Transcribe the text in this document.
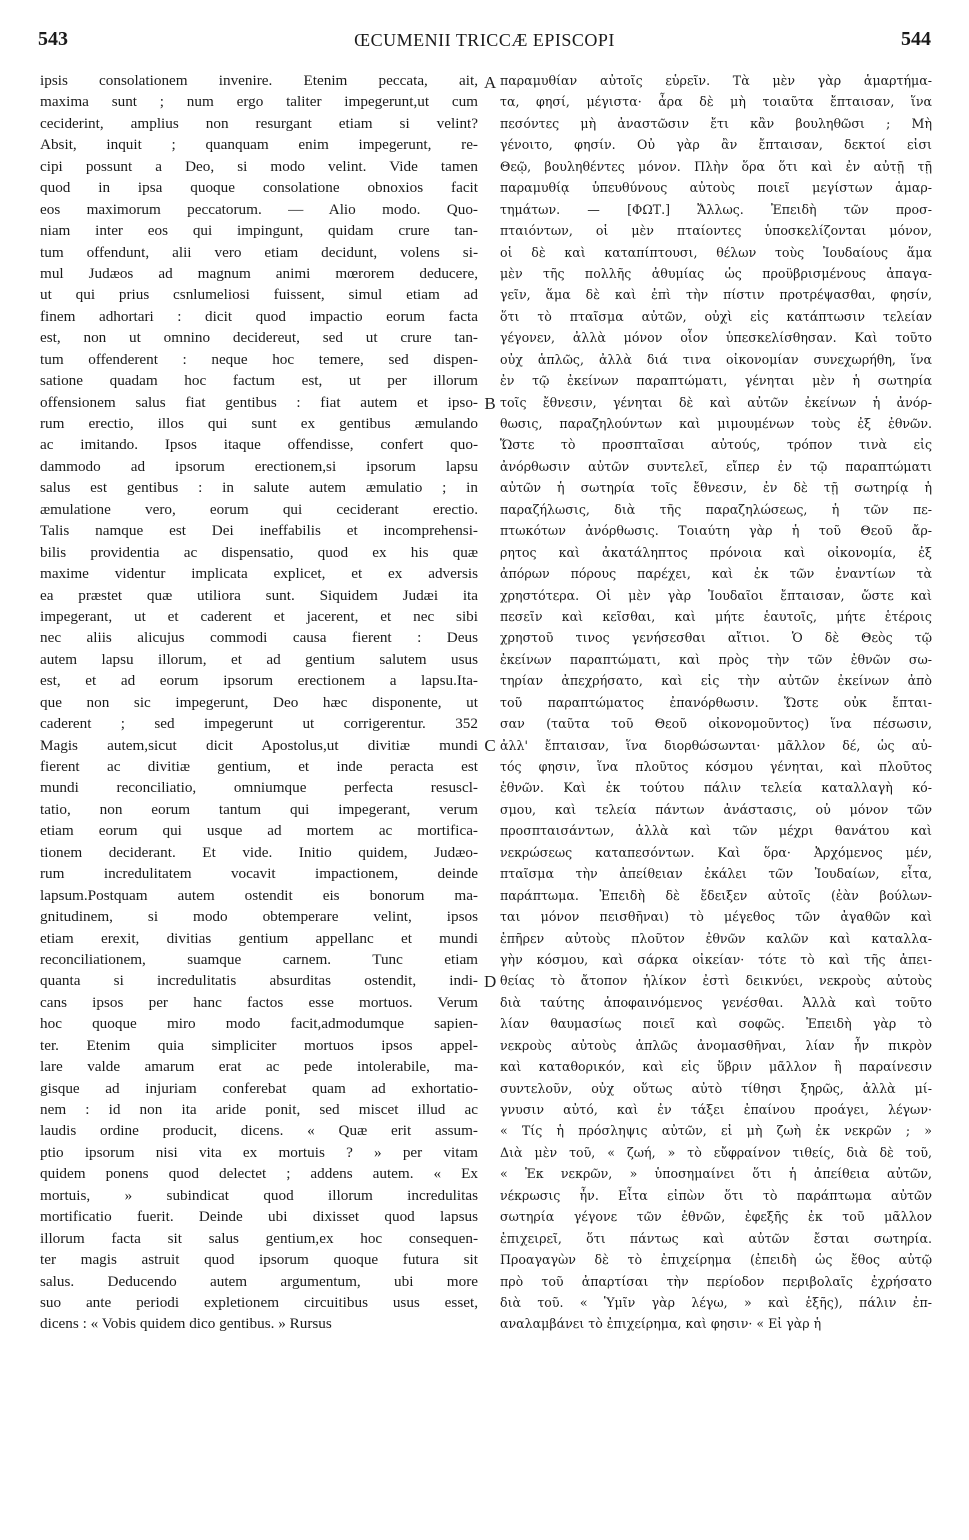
543	ŒCUMENII TRICCÆ EPISCOPI	544
ipsis consolationem invenire. Etenim peccata, ait,
maxima sunt ; num ergo taliter impegerunt,ut cum
ceciderint, amplius non resurgant etiam si velint?
Absit, inquit ; quanquam enim impegerunt, re-
cipi possunt a Deo, si modo velint. Vide tamen
quod in ipsa quoque consolatione obnoxios facit
eos maximorum peccatorum. — Alio modo. Quo-
niam inter eos qui impingunt, quidam crure tan-
tum offendunt, alii vero etiam decidunt, volens si-
mul Judæos ad magnum animi mœrorem deducere,
ut qui prius csnlumeliosi fuissent, simul etiam ad
finem adhortari : dicit quod impactio eorum facta
est, non ut omnino decidereut, sed ut crure tan-
tum offenderent : neque hoc temere, sed dispen-
satione quadam hoc factum est, ut per illorum
offensionem salus fiat gentibus : fiat autem et ipso-
rum erectio, illos qui sunt ex gentibus æmulando
ac imitando. Ipsos itaque offendisse, confert quo-
dammodo ad ipsorum erectionem,si ipsorum lapsu
salus est gentibus : in salute autem æmulatio ; in
æmulatione vero, eorum qui ceciderant erectio.
Talis namque est Dei ineffabilis et incomprehensi-
bilis providentia ac dispensatio, quod ex his quæ
maxime videntur implicata explicet, et ex adversis
ea præstet quæ utiliora sunt. Siquidem Judæi ita
impegerant, ut et caderent et jacerent, et nec sibi
nec aliis alicujus commodi causa fierent : Deus
autem lapsu illorum, et ad gentium salutem usus
est, et ad eorum ipsorum erectionem a lapsu.Ita-
que non sic impegerunt, Deo hæc disponente, ut
caderent ; sed impegerunt ut corrigerentur. 352
Magis autem,sicut dicit Apostolus,ut divitiæ mundi
fierent ac divitiæ gentium, et inde peracta est
mundi reconciliatio, omniumque perfecta resuscl-
tatio, non eorum tantum qui impegerant, verum
etiam eorum qui usque ad mortem ac mortifica-
tionem deciderant. Et vide. Initio quidem, Judæo-
rum incredulitatem vocavit impactionem, deinde
lapsum.Postquam autem ostendit eis bonorum ma-
gnitudinem, si modo obtemperare velint, ipsos
etiam erexit, divitias gentium appellanc et mundi
reconciliationem, suamque carnem. Tunc etiam
quanta si incredulitatis absurditas ostendit, indi-
cans ipsos per hanc factos esse mortuos. Verum
hoc quoque miro modo facit,admodumque sapien-
ter. Etenim quia simpliciter mortuos ipsos appel-
lare valde amarum erat ac pede intolerabile, ma-
gisque ad injuriam conferebat quam ad exhortatio-
nem : id non ita aride ponit, sed miscet illud ac
laudis ordine producit, dicens. « Quæ erit assum-
ptio ipsorum nisi vita ex mortuis ? » per vitam
quidem ponens quod delectet ; addens autem. « Ex
mortuis, » subindicat quod illorum incredulitas
mortificatio fuerit. Deinde ubi dixisset quod lapsus
illorum facta sit salus gentium,ex hoc consequen-
ter magis astruit quod ipsorum quoque futura sit
salus. Deducendo autem argumentum, ubi more
suo ante periodi expletionem circuitibus usus esset,
dicens : « Vobis quidem dico gentibus. » Rursus
παραμυθίαν αὐτοῖς εὑρεῖν. Τὰ μὲν γὰρ ἁμαρτήμα-
τα, φησί, μέγιστα· ἆρα δὲ μὴ τοιαῦτα ἔπταισαν, ἵνα
πεσόντες μὴ ἀναστῶσιν ἔτι κἂν βουληθῶσι ; Μὴ
γένοιτο, φησίν. Οὐ γὰρ ἂν ἔπταισαν, δεκτοί εἰσι
Θεῷ, βουληθέντες μόνον. Πλὴν ὅρα ὅτι καὶ ἐν αὐτῇ τῇ
παραμυθίᾳ ὑπευθύνους αὐτοὺς ποιεῖ μεγίστων ἁμαρ-
τημάτων. — [ΦΩΤ.] Ἄλλως. Ἐπειδὴ τῶν προσ-
πταιόντων, οἱ μὲν πταίοντες ὑποσκελίζονται μόνον,
οἱ δὲ καὶ καταπίπτουσι, θέλων τοὺς Ἰουδαίους ἅμα
μὲν τῆς πολλῆς ἀθυμίας ὡς προϋβρισμένους ἀπαγα-
γεῖν, ἅμα δὲ καὶ ἐπὶ τὴν πίστιν προτρέψασθαι, φησίν,
ὅτι τὸ πταῖσμα αὐτῶν, οὐχὶ εἰς κατάπτωσιν τελείαν
γέγονεν, ἀλλὰ μόνον οἷον ὑπεσκελίσθησαν. Καὶ τοῦτο
οὐχ ἁπλῶς, ἀλλὰ διά τινα οἰκονομίαν συνεχωρήθη, ἵνα
ἐν τῷ ἐκείνων παραπτώματι, γένηται μὲν ἡ σωτηρία
τοῖς ἔθνεσιν, γένηται δὲ καὶ αὐτῶν ἐκείνων ἡ ἀνόρ-
θωσις, παραζηλούντων καὶ μιμουμένων τοὺς ἐξ ἐθνῶν.
Ὥστε τὸ προσπταῖσαι αὐτούς, τρόπον τινὰ εἰς
ἀνόρθωσιν αὐτῶν συντελεῖ, εἴπερ ἐν τῷ παραπτώματι
αὐτῶν ἡ σωτηρία τοῖς ἔθνεσιν, ἐν δὲ τῇ σωτηρίᾳ ἡ
παραζήλωσις, διὰ τῆς παραζηλώσεως, ἡ τῶν πε-
πτωκότων ἀνόρθωσις. Τοιαύτη γὰρ ἡ τοῦ Θεοῦ ἄρ-
ρητος καὶ ἀκατάληπτος πρόνοια καὶ οἰκονομία, ἐξ
ἀπόρων πόρους παρέχει, καὶ ἐκ τῶν ἐναντίων τὰ
χρηστότερα. Οἱ μὲν γὰρ Ἰουδαῖοι ἔπταισαν, ὥστε καὶ
πεσεῖν καὶ κεῖσθαι, καὶ μήτε ἑαυτοῖς, μήτε ἑτέροις
χρηστοῦ τινος γενήσεσθαι αἴτιοι. Ὁ δὲ Θεὸς τῷ
ἐκείνων παραπτώματι, καὶ πρὸς τὴν τῶν ἐθνῶν σω-
τηρίαν ἀπεχρήσατο, καὶ εἰς τὴν αὐτῶν ἐκείνων ἀπὸ
τοῦ παραπτώματος ἐπανόρθωσιν. Ὥστε οὐκ ἔπται-
σαν (ταῦτα τοῦ Θεοῦ οἰκονομοῦντος) ἵνα πέσωσιν,
ἀλλ' ἔπταισαν, ἵνα διορθώσωνται· μᾶλλον δέ, ὡς αὐ-
τός φησιν, ἵνα πλοῦτος κόσμου γένηται, καὶ πλοῦτος
ἐθνῶν. Καὶ ἐκ τούτου πάλιν τελεία καταλλαγὴ κό-
σμου, καὶ τελεία πάντων ἀνάστασις, οὐ μόνον τῶν
προσπταισάντων, ἀλλὰ καὶ τῶν μέχρι θανάτου καὶ
νεκρώσεως καταπεσόντων. Καὶ ὅρα· Ἀρχόμενος μέν,
πταῖσμα τὴν ἀπείθειαν ἐκάλει τῶν Ἰουδαίων, εἶτα,
παράπτωμα. Ἐπειδὴ δὲ ἔδειξεν αὐτοῖς (ἐὰν βούλων-
ται μόνον πεισθῆναι) τὸ μέγεθος τῶν ἀγαθῶν καὶ
ἐπῆρεν αὐτοὺς πλοῦτον ἐθνῶν καλῶν καὶ καταλλα-
γὴν κόσμου, καὶ σάρκα οἰκείαν· τότε τὸ καὶ τῆς ἀπει-
θείας τὸ ἄτοπον ἡλίκον ἐστὶ δεικνύει, νεκροὺς αὐτοὺς
διὰ ταύτης ἀποφαινόμενος γενέσθαι. Ἀλλὰ καὶ τοῦτο
λίαν θαυμασίως ποιεῖ καὶ σοφῶς. Ἐπειδὴ γὰρ τὸ
νεκροὺς αὐτοὺς ἁπλῶς ἀνομασθῆναι, λίαν ἦν πικρὸν
καὶ καταθορικόν, καὶ εἰς ὕβριν μᾶλλον ἢ παραίνεσιν
συντελοῦν, οὐχ οὕτως αὐτὸ τίθησι ξηρῶς, ἀλλὰ μί-
γνυσιν αὐτό, καὶ ἐν τάξει ἐπαίνου προάγει, λέγων·
« Τίς ἡ πρόσληψις αὐτῶν, εἰ μὴ ζωὴ ἐκ νεκρῶν ; »
Διὰ μὲν τοῦ, « ζωή, » τὸ εὔφραίνον τιθείς, διὰ δὲ τοῦ,
« Ἐκ νεκρῶν, » ὑποσημαίνει ὅτι ἡ ἀπείθεια αὐτῶν,
νέκρωσις ἦν. Εἶτα εἰπὼν ὅτι τὸ παράπτωμα αὐτῶν
σωτηρία γέγονε τῶν ἐθνῶν, ἐφεξῆς ἐκ τοῦ μᾶλλον
ἐπιχειρεῖ, ὅτι πάντως καὶ αὐτῶν ἔσται σωτηρία.
Προαγαγὼν δὲ τὸ ἐπιχείρημα (ἐπειδὴ ὡς ἔθος αὐτῷ
πρὸ τοῦ ἀπαρτίσαι τὴν περίοδον περιβολαῖς ἐχρήσατο
διὰ τοῦ. « Ὑμῖν γὰρ λέγω, » καὶ ἑξῆς), πάλιν ἐπ-
αναλαμβάνει τὸ ἐπιχείρημα, καὶ φησιν· « Εἰ γὰρ ἡ
A
B
C
D
